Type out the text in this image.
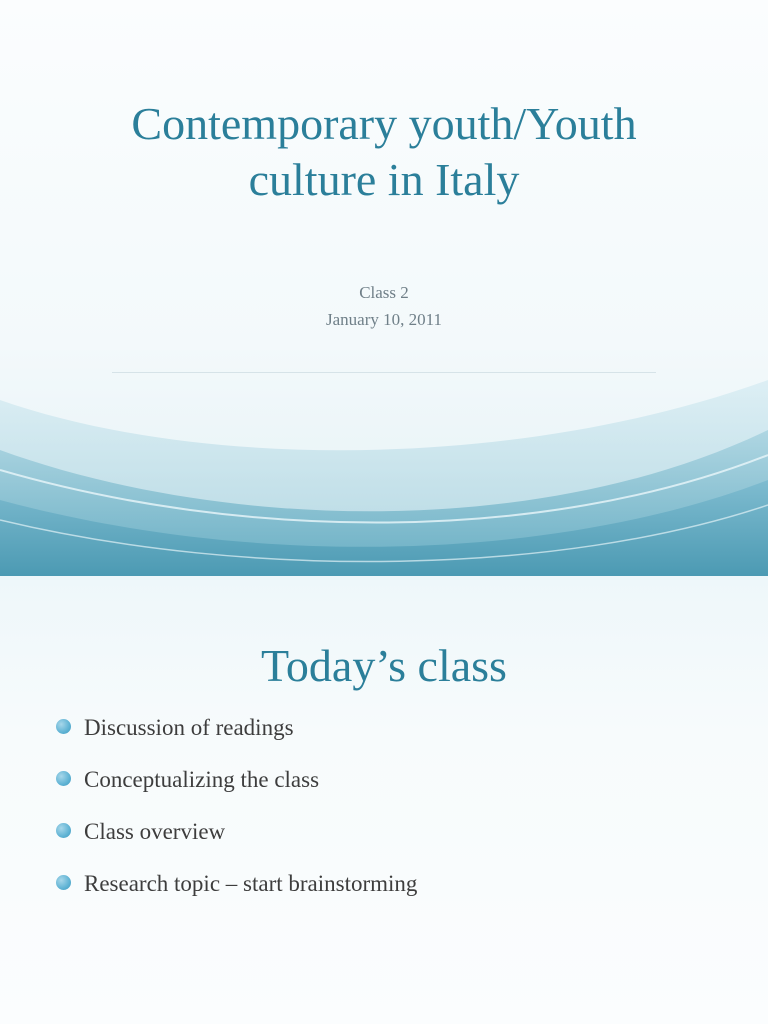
Contemporary youth/Youth culture in Italy
Class 2
January 10, 2011
Today’s class
Discussion of readings
Conceptualizing the class
Class overview
Research topic – start brainstorming
